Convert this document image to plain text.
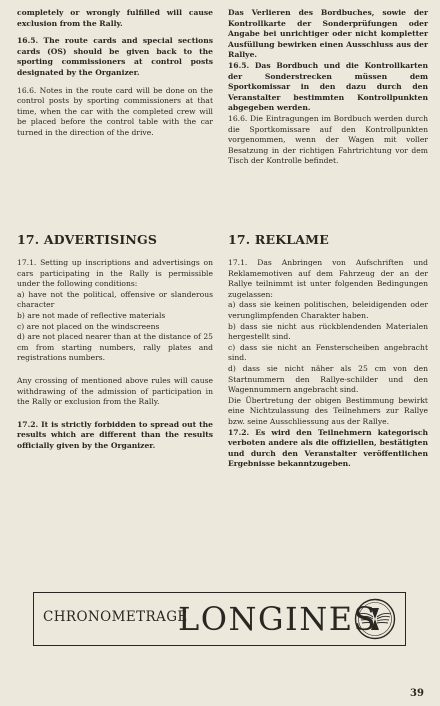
completely or wrongly fulfilled will cause exclusion from the Rally.

16.5. The route cards and special sections cards (OS) should be given back to the sporting commissioners at control posts designated by the Organizer.

16.6. Notes in the route card will be done on the control posts by sporting commissioners at that time, when the car with the completed crew will be placed before the control table with the car turned in the direction of the drive.

Das Verlieren des Bordbuches, sowie der Kontrollkarte der Sonderprüfungen oder Angabe bei unrichtiger oder nicht kompletter Ausfüllung bewirken einen Ausschluss aus der Rallye.

16.5. Das Bordbuch und die Kontrollkarten der Sonderstrecken müssen dem Sportkomissar in den dazu durch den Veranstalter bestimmten Kontrollpunkten abgegeben werden.

16.6. Die Eintragungen im Bordbuch werden durch die Sportkomissare auf den Kontrollpunkten vorgenommen, wenn der Wagen mit voller Besatzung in der richtigen Fahrtrichtung vor dem Tisch der Kontrolle befindet.

17. ADVERTISINGS	17. REKLAME

17.1. Setting up inscriptions and advertisings on cars participating in the Rally is permissible under the following conditions:

a) have not the political, offensive or slanderous character

b) are not made of reflective materials

c) are not placed on the windscreens

d) are not placed nearer than at the distance of 25 cm from starting numbers, rally plates and registrations numbers.

Any crossing of mentioned above rules will cause withdrawing of the admission of participation in the Rally or exclusion from the Rally.

17.2. It is strictly forbidden to spread out the results which are different than the results officially given by the Organizer.

17.1. Das Anbringen von Aufschriften und Reklamemotiven auf dem Fahrzeug der an der Rallye teilnimmt ist unter folgenden Bedingungen zugelassen:

a) dass sie keinen politischen, beleidigenden oder verunglimpfenden Charakter haben.

b) dass sie nicht aus rückblendenden Materialen hergestellt sind.

c) dass sie nicht an Fensterscheiben angebracht sind.

d) dass sie nicht näher als 25 cm von den Startnummern den Rallye-schilder und den Wagennummern angebracht sind.

Die Übertretung der obigen Bestimmung bewirkt eine Nichtzulassung des Teilnehmers zur Rallye bzw. seine Ausschliessung aus der Rallye.

17.2. Es wird den Teilnehmern kategorisch verboten andere als die offiziellen, bestätigten und durch den Veranstalter veröffentlichen Ergebnisse bekanntzugeben.

CHRONOMETRAGE
LONGINES
39
